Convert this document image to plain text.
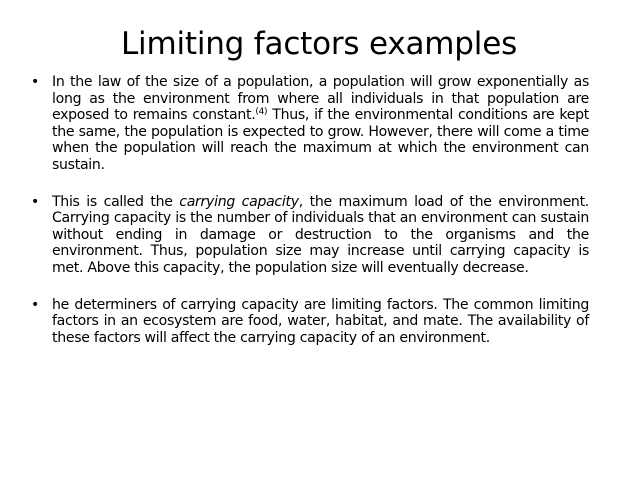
Limiting factors examples
• In the law of the size of a population, a population will grow exponentially as long as the environment from where all individuals in that population are exposed to remains constant.$^{(4)}$ Thus, if the environmental conditions are kept the same, the population is expected to grow. However, there will come a time when the population will reach the maximum at which the environment can sustain.
• This is called the carrying capacity, the maximum load of the environment. Carrying capacity is the number of individuals that an environment can sustain without ending in damage or destruction to the organisms and the environment. Thus, population size may increase until carrying capacity is met. Above this capacity, the population size will eventually decrease.
• he determiners of carrying capacity are limiting factors. The common limiting factors in an ecosystem are food, water, habitat, and mate. The availability of these factors will affect the carrying capacity of an environment.
